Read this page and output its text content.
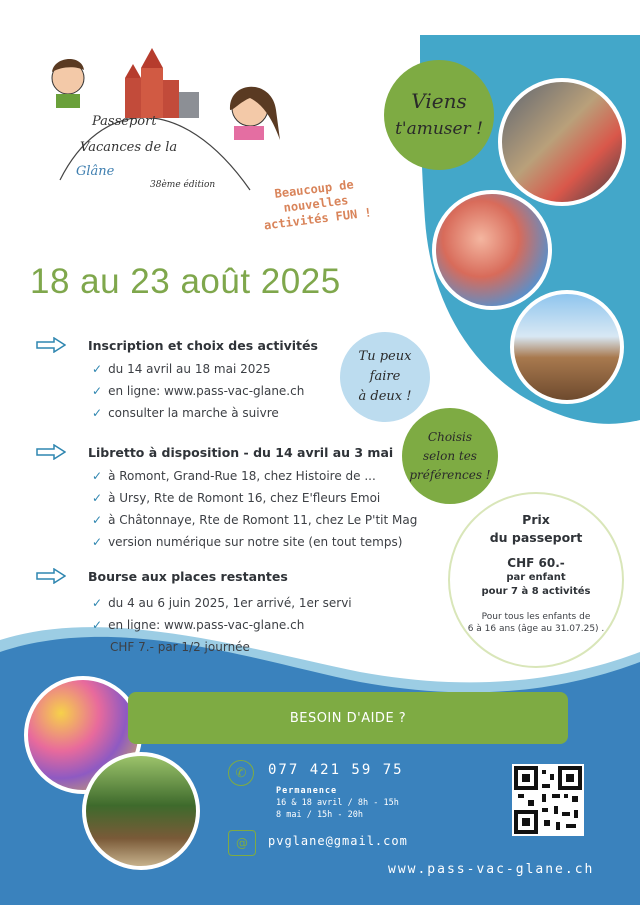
Passeport
Vacances de la
Glâne
38ème édition	Beaucoup de nouvelles activités FUN !
Viens
t'amuser !
18 au 23 août 2025
Tu peux
faire
à deux !
Choisis
selon tes
préférences !
Inscription et choix des activités
✓ du 14 avril au 18 mai 2025
✓ en ligne: www.pass-vac-glane.ch
✓ consulter la marche à suivre
Libretto à disposition - du 14 avril au 3 mai
✓ à Romont, Grand-Rue 18, chez Histoire de ...
✓ à Ursy, Rte de Romont 16, chez E'fleurs Emoi
✓ à Châtonnaye, Rte de Romont 11, chez Le P'tit Mag
✓ version numérique sur notre site (en tout temps)
Bourse aux places restantes
✓ du 4 au 6 juin 2025, 1er arrivé, 1er servi
✓ en ligne: www.pass-vac-glane.ch
CHF 7.- par 1/2 journée
Prix
du passeport
CHF 60.-
par enfant
pour 7 à 8 activités
Pour tous les enfants de
6 à 16 ans (âge au 31.07.25) .
BESOIN D'AIDE ?
✆	077 421 59 75
Permanence
16 & 18 avril / 8h - 15h
8 mai / 15h - 20h
@	pvglane@gmail.com
www.pass-vac-glane.ch
